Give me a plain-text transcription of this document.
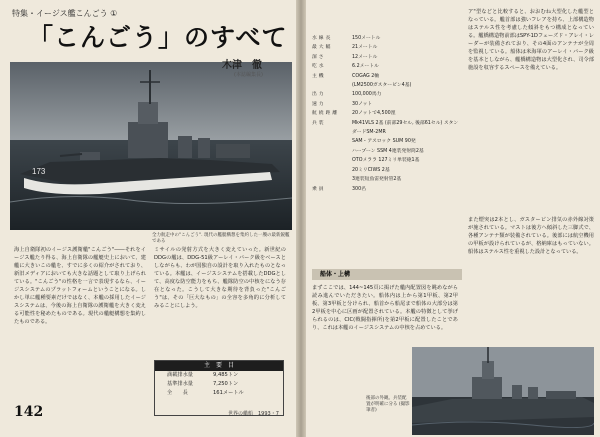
特集・イージス艦こんごう ①
「こんごう」のすべて
173
木津　徹
(本誌編集長)
全力航走中の"こんごう". 現代の艦艇構想を集約した一艘の最新鋭艦である
海上自衛隊初のイージス護衛艦"こんごう"――それをイージス艦たり得る、海上自衛隊の艦艇史上において、建艦に大きいこの艦を、すでに多くの紹介がされており、新旧メディアにおいても大きな話題として取り上げられている。"こんごう"の性格を一言で表現するなら、イージスシステムのプラットフォームということになる。しかし単に艦種要素だけではなく、本艦の採用したイージスシステムは、今後の海上自衛隊の護衛艦を大きく変える可能性を秘めたものである。現代の艦艇構想を集約したものである。
ミサイルの発射方式を大きく変えていった。新世紀のDDGの艦は、DDG-51級アーレイ・バーク級をベースとしながらも、わが国独自の設計を取り入れたものとなっている。本艦は、イージスシステムを搭載したDDGとして、高度な防空能力をもち、艦隊防空の中核をになう存在となった。こうして大きな期待を背負った"こんごう"は、その「巨大なもの」の全容を多角的に分析してみることにしよう。
主　要　目
満載排水量	9,485トン
基準排水量	7,250トン
全　　長	161メートル
142	世界の艦船　1993・7
水線長	150メートル
最大幅	21メートル
深さ	12メートル
吃水	6.2メートル
主機	COGAG 2軸
(LM2500ガスタービン4基)
出力	100,000馬力
速力	30ノット
航続距離	20ノットで4,500浬
兵装	Mk41VLS 2基 (前部29セル, 後部61セル) スタンダードSM-2MR
SAM・アスロック SUM 90発
ハープーン SSM 4連装発射筒2基
OTOメララ 127ミリ単装砲1基
20ミリCIWS 2基
3連装短魚雷発射管2基
乗員	300名
船体・上構
まずここでは、144~145頁に掲げた艦内配置図を眺めながら読み進んでいただきたい。船体内は上から第1甲板、第2甲板、第3甲板と分けられ、船首から船尾まで船体の大部分は第2甲板を中心に区画が配置されている。本艦の特徴として挙げられるのは、CIC(戦闘指揮所)を第2甲板に配置したことであり、これは本艦のイージスシステムの中核を占めている。
ア"型などと比較すると、おおむね大型化した艦型となっている。艦首部は強いフレアを持ち、上部構造物はステルス性を考慮した傾斜をもつ構成となっている。艦橋構造物前部はSPY-1Dフェーズド・アレイ・レーダーが装備されており、その4面のアンテナが全周を監視している。船体は米海軍のアーレイ・バーク級を基本としながら、艦橋構造物は大型化され、司令部施設を収容するスペースを備えている。
また煙突は2本とし、ガスタービン排気の赤外線対策が施されている。マストは後方へ傾斜した三脚式で、各種アンテナ類が装備されている。後部には航空機用の甲板が設けられているが、格納庫はもっていない。船体はステルス性を重視した設計となっている。
後部の外観。兵装配置が明確に分る (撮影 筆者)
